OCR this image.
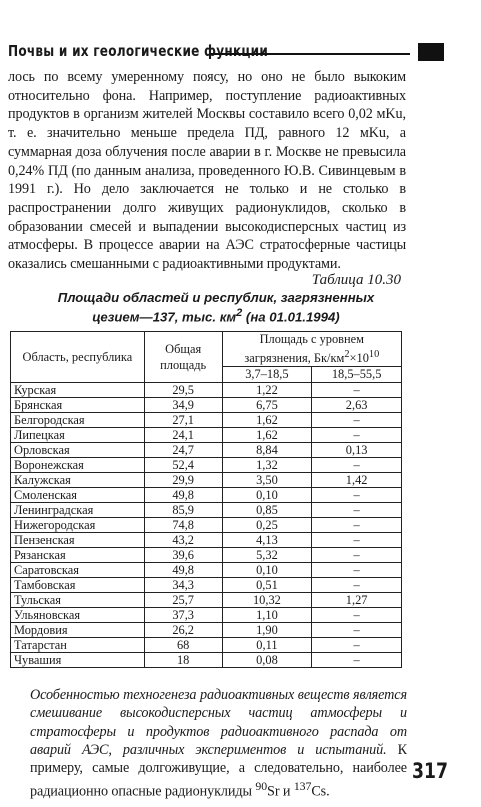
Почвы и их геологические функции

лось по всему умеренному поясу, но оно не было выкоким относительно фона. Например, поступление радиоактивных продуктов в организм жителей Москвы составило всего 0,02 мKu, т. е. значительно меньше предела ПД, равного 12 мKu, а суммарная доза облучения после аварии в г. Москве не превысила 0,24% ПД (по данным анализа, проведенного Ю.В. Сивинцевым в 1991 г.). Но дело заключается не только и не столько в распространении долго живущих радионуклидов, сколько в образовании смесей и выпадении высокодисперсных частиц из атмосферы. В процессе аварии на АЭС стратосферные частицы оказались смешанными с радиоактивными продуктами.

Таблица 10.30
Площади областей и республик, загрязненных
цезием—137, тыс. $км^2$ (на 01.01.1994)
Область, республика	Общая площадь	Площадь с уровнем загрязнения, $Бк/км^2\times 10^{10}$
		3,7–18,5	18,5–55,5
Курская	29,5	1,22	–
Брянская	34,9	6,75	2,63
Белгородская	27,1	1,62	–
Липецкая	24,1	1,62	–
Орловская	24,7	8,84	0,13
Воронежская	52,4	1,32	–
Калужская	29,9	3,50	1,42
Смоленская	49,8	0,10	–
Ленинградская	85,9	0,85	–
Нижегородская	74,8	0,25	–
Пензенская	43,2	4,13	–
Рязанская	39,6	5,32	–
Саратовская	49,8	0,10	–
Тамбовская	34,3	0,51	–
Тульская	25,7	10,32	1,27
Ульяновская	37,3	1,10	–
Мордовия	26,2	1,90	–
Татарстан	68	0,11	–
Чувашия	18	0,08	–

Особенностью техногенеза радиоактивных веществ является смешивание высокодисперсных частиц атмосферы и стратосферы и продуктов радиоактивного распада от аварий АЭС, различных экспериментов и испытаний. К примеру, самые долгоживущие, а следовательно, наиболее радиационно опасные радионуклиды $^{90}$Sr и $^{137}$Cs.

317
